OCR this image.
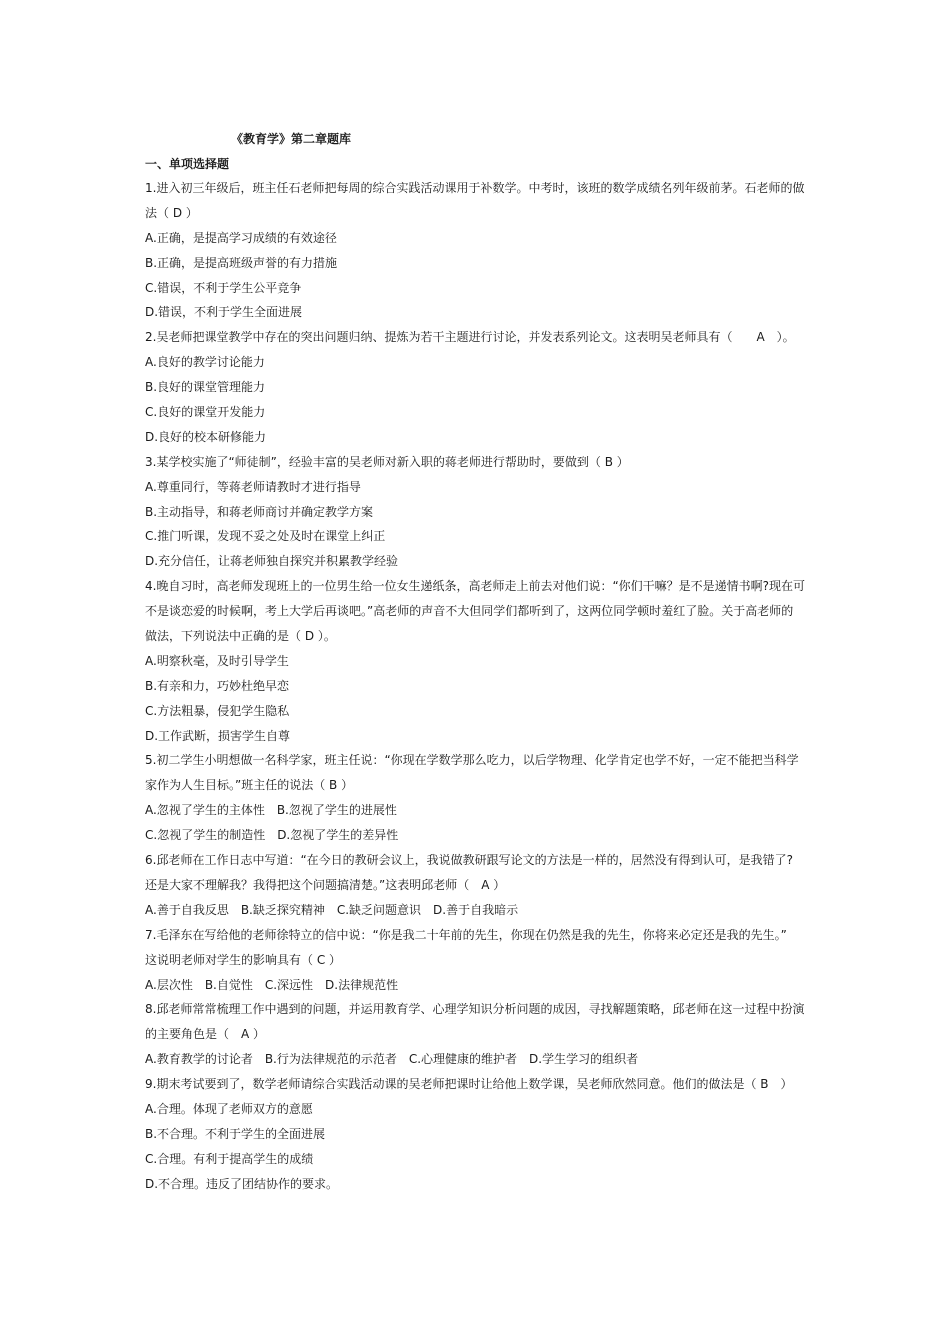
《教育学》第二章题库
一、单项选择题
1.进入初三年级后，班主任石老师把每周的综合实践活动课用于补数学。中考时，该班的数学成绩名列年级前茅。石老师的做
法（ D ）
A.正确，是提高学习成绩的有效途径
B.正确，是提高班级声誉的有力措施
C.错误，不利于学生公平竞争
D.错误，不利于学生全面进展
2.吴老师把课堂教学中存在的突出问题归纳、提炼为若干主题进行讨论，并发表系列论文。这表明吴老师具有（　　A　）。
A.良好的教学讨论能力
B.良好的课堂管理能力
C.良好的课堂开发能力
D.良好的校本研修能力
3.某学校实施了“师徒制”，经验丰富的吴老师对新入职的蒋老师进行帮助时，要做到（ B ）
A.尊重同行，等蒋老师请教时才进行指导
B.主动指导，和蒋老师商讨并确定教学方案
C.推门听课，发现不妥之处及时在课堂上纠正
D.充分信任，让蒋老师独自探究并积累教学经验
4.晚自习时，高老师发现班上的一位男生给一位女生递纸条，高老师走上前去对他们说：“你们干嘛？是不是递情书啊?现在可
不是谈恋爱的时候啊，考上大学后再谈吧。”高老师的声音不大但同学们都听到了，这两位同学顿时羞红了脸。关于高老师的
做法，下列说法中正确的是（ D ）。
A.明察秋毫，及时引导学生
B.有亲和力，巧妙杜绝早恋
C.方法粗暴，侵犯学生隐私
D.工作武断，损害学生自尊
5.初二学生小明想做一名科学家，班主任说：“你现在学数学那么吃力，以后学物理、化学肯定也学不好，一定不能把当科学
家作为人生目标。”班主任的说法（ B ）
A.忽视了学生的主体性　B.忽视了学生的进展性
C.忽视了学生的制造性　D.忽视了学生的差异性
6.邱老师在工作日志中写道：“在今日的教研会议上，我说做教研跟写论文的方法是一样的，居然没有得到认可，是我错了?
还是大家不理解我？我得把这个问题搞清楚。”这表明邱老师（　A ）
A.善于自我反思　B.缺乏探究精神　C.缺乏问题意识　D.善于自我暗示
7.毛泽东在写给他的老师徐特立的信中说：“你是我二十年前的先生，你现在仍然是我的先生，你将来必定还是我的先生。”
这说明老师对学生的影响具有（ C ）
A.层次性　B.自觉性　C.深远性　D.法律规范性
8.邱老师常常梳理工作中遇到的问题，并运用教育学、心理学知识分析问题的成因，寻找解题策略，邱老师在这一过程中扮演
的主要角色是（　A ）
A.教育教学的讨论者　B.行为法律规范的示范者　C.心理健康的维护者　D.学生学习的组织者
9.期末考试要到了，数学老师请综合实践活动课的吴老师把课时让给他上数学课，吴老师欣然同意。他们的做法是（ B　）
A.合理。体现了老师双方的意愿
B.不合理。不利于学生的全面进展
C.合理。有利于提高学生的成绩
D.不合理。违反了团结协作的要求。
